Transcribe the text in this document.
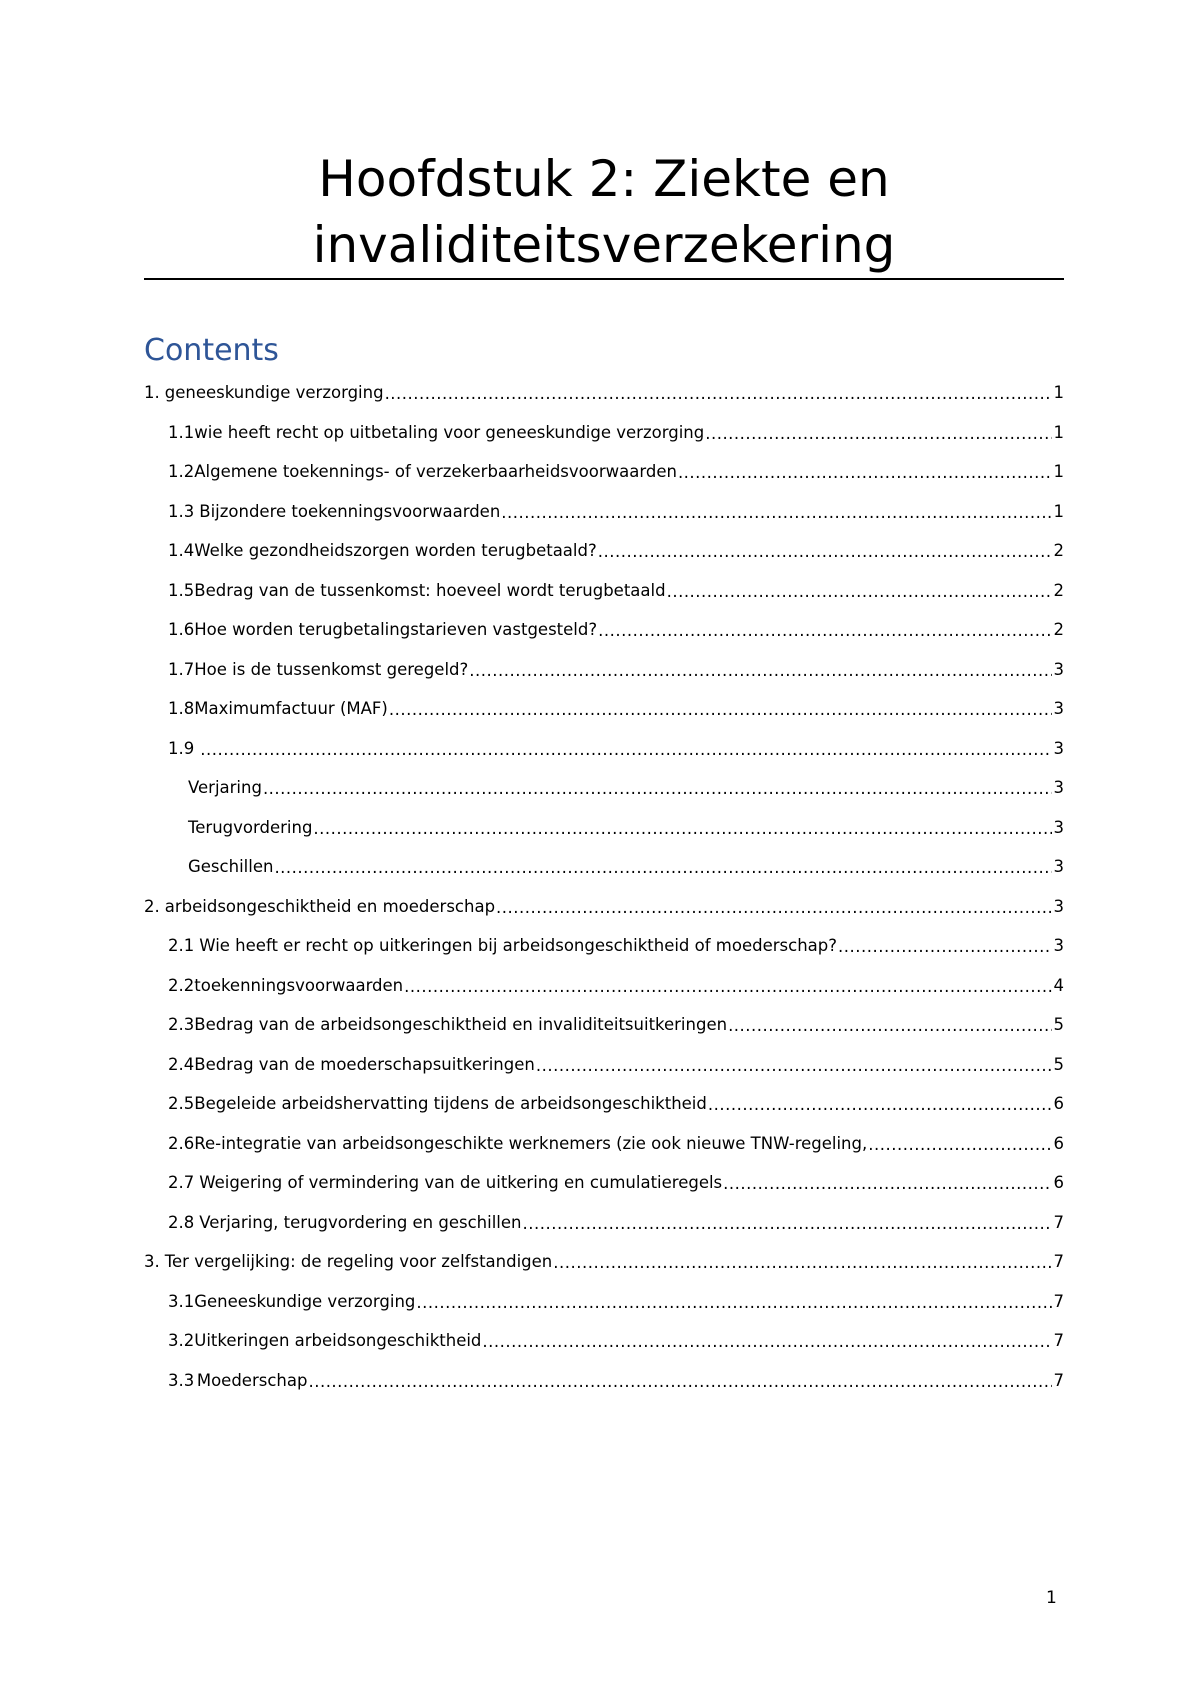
Hoofdstuk 2: Ziekte en
invaliditeitsverzekering
Contents
1. geneeskundige verzorging .....	1
1.1 wie heeft recht op uitbetaling voor geneeskundige verzorging .....	1
1.2 Algemene toekennings- of verzekerbaarheidsvoorwaarden .....	1
1.3 Bijzondere toekenningsvoorwaarden .....	1
1.4 Welke gezondheidszorgen worden terugbetaald? .....	2
1.5 Bedrag van de tussenkomst: hoeveel wordt terugbetaald .....	2
1.6 Hoe worden terugbetalingstarieven vastgesteld? .....	2
1.7 Hoe is de tussenkomst geregeld? .....	3
1.8 Maximumfactuur (MAF) .....	3
1.9 .....	3
Verjaring .....	3
Terugvordering .....	3
Geschillen .....	3
2. arbeidsongeschiktheid en moederschap .....	3
2.1 Wie heeft er recht op uitkeringen bij arbeidsongeschiktheid of moederschap? .....	3
2.2 toekenningsvoorwaarden .....	4
2.3 Bedrag van de arbeidsongeschiktheid en invaliditeitsuitkeringen .....	5
2.4 Bedrag van de moederschapsuitkeringen .....	5
2.5 Begeleide arbeidshervatting tijdens de arbeidsongeschiktheid .....	6
2.6 Re-integratie van arbeidsongeschikte werknemers (zie ook nieuwe TNW-regeling, .....	6
2.7 Weigering of vermindering van de uitkering en cumulatieregels .....	6
2.8 Verjaring, terugvordering en geschillen .....	7
3. Ter vergelijking: de regeling voor zelfstandigen .....	7
3.1 Geneeskundige verzorging .....	7
3.2 Uitkeringen arbeidsongeschiktheid .....	7
3.3 Moederschap .....	7
1
